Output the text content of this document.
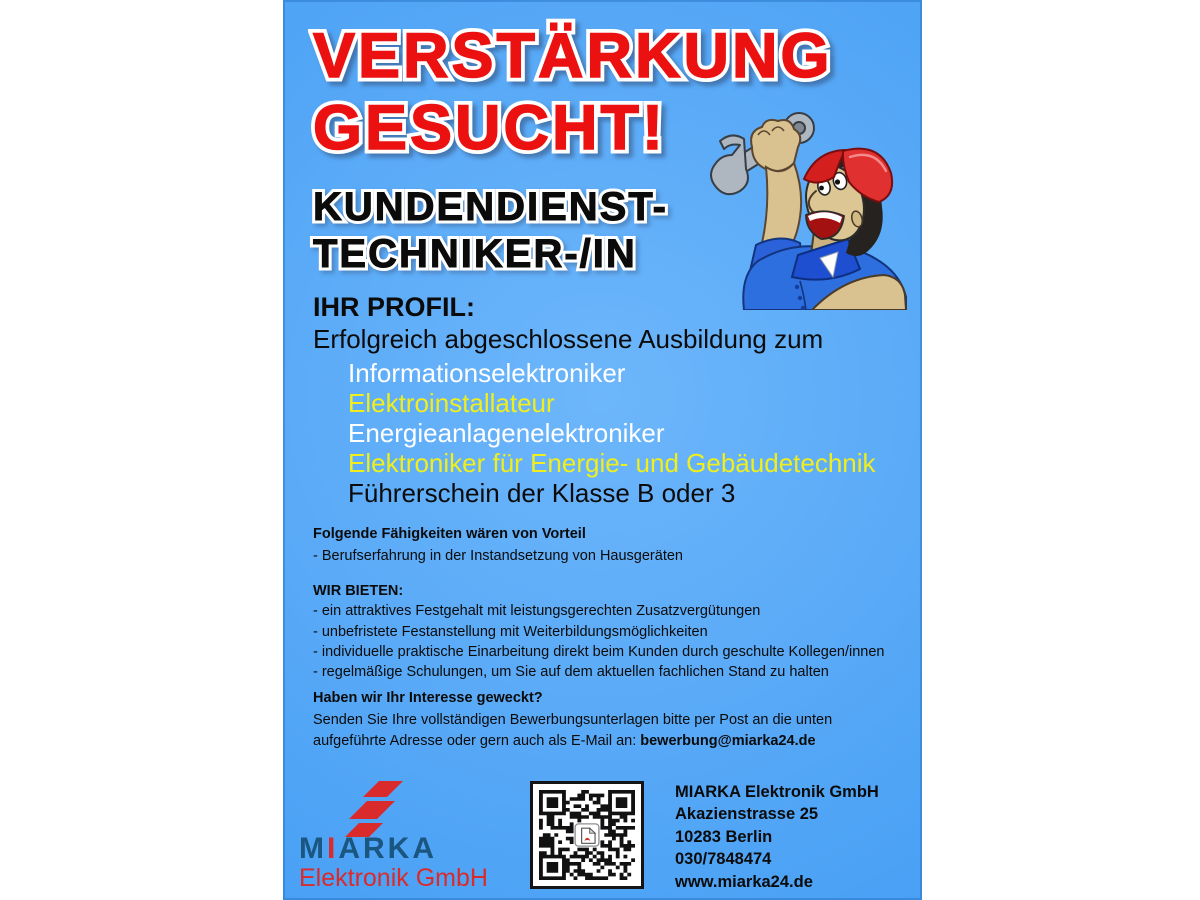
VERSTÄRKUNG VERSTÄRKUNG
GESUCHT! GESUCHT!
KUNDENDIENST- KUNDENDIENST-
TECHNIKER-/IN TECHNIKER-/IN
IHR PROFIL:
Erfolgreich abgeschlossene Ausbildung zum
Informationselektroniker
Elektroinstallateur
Energieanlagenelektroniker
Elektroniker für Energie- und Gebäudetechnik
Führerschein der Klasse B oder 3

Folgende Fähigkeiten wären von Vorteil

- Berufserfahrung in der Instandsetzung von Hausgeräten

WIR BIETEN:

- ein attraktives Festgehalt mit leistungsgerechten Zusatzvergütungen

- unbefristete Festanstellung mit Weiterbildungsmöglichkeiten

- individuelle praktische Einarbeitung direkt beim Kunden durch geschulte Kollegen/innen

- regelmäßige Schulungen, um Sie auf dem aktuellen fachlichen Stand zu halten

Haben wir Ihr Interesse geweckt?

Senden Sie Ihre vollständigen Bewerbungsunterlagen bitte per Post an die unten

aufgeführte Adresse oder gern auch als E-Mail an: bewerbung@miarka24.de

MIARKA
Elektronik GmbH

MIARKA Elektronik GmbH

Akazienstrasse 25

10283 Berlin

030/7848474

www.miarka24.de
